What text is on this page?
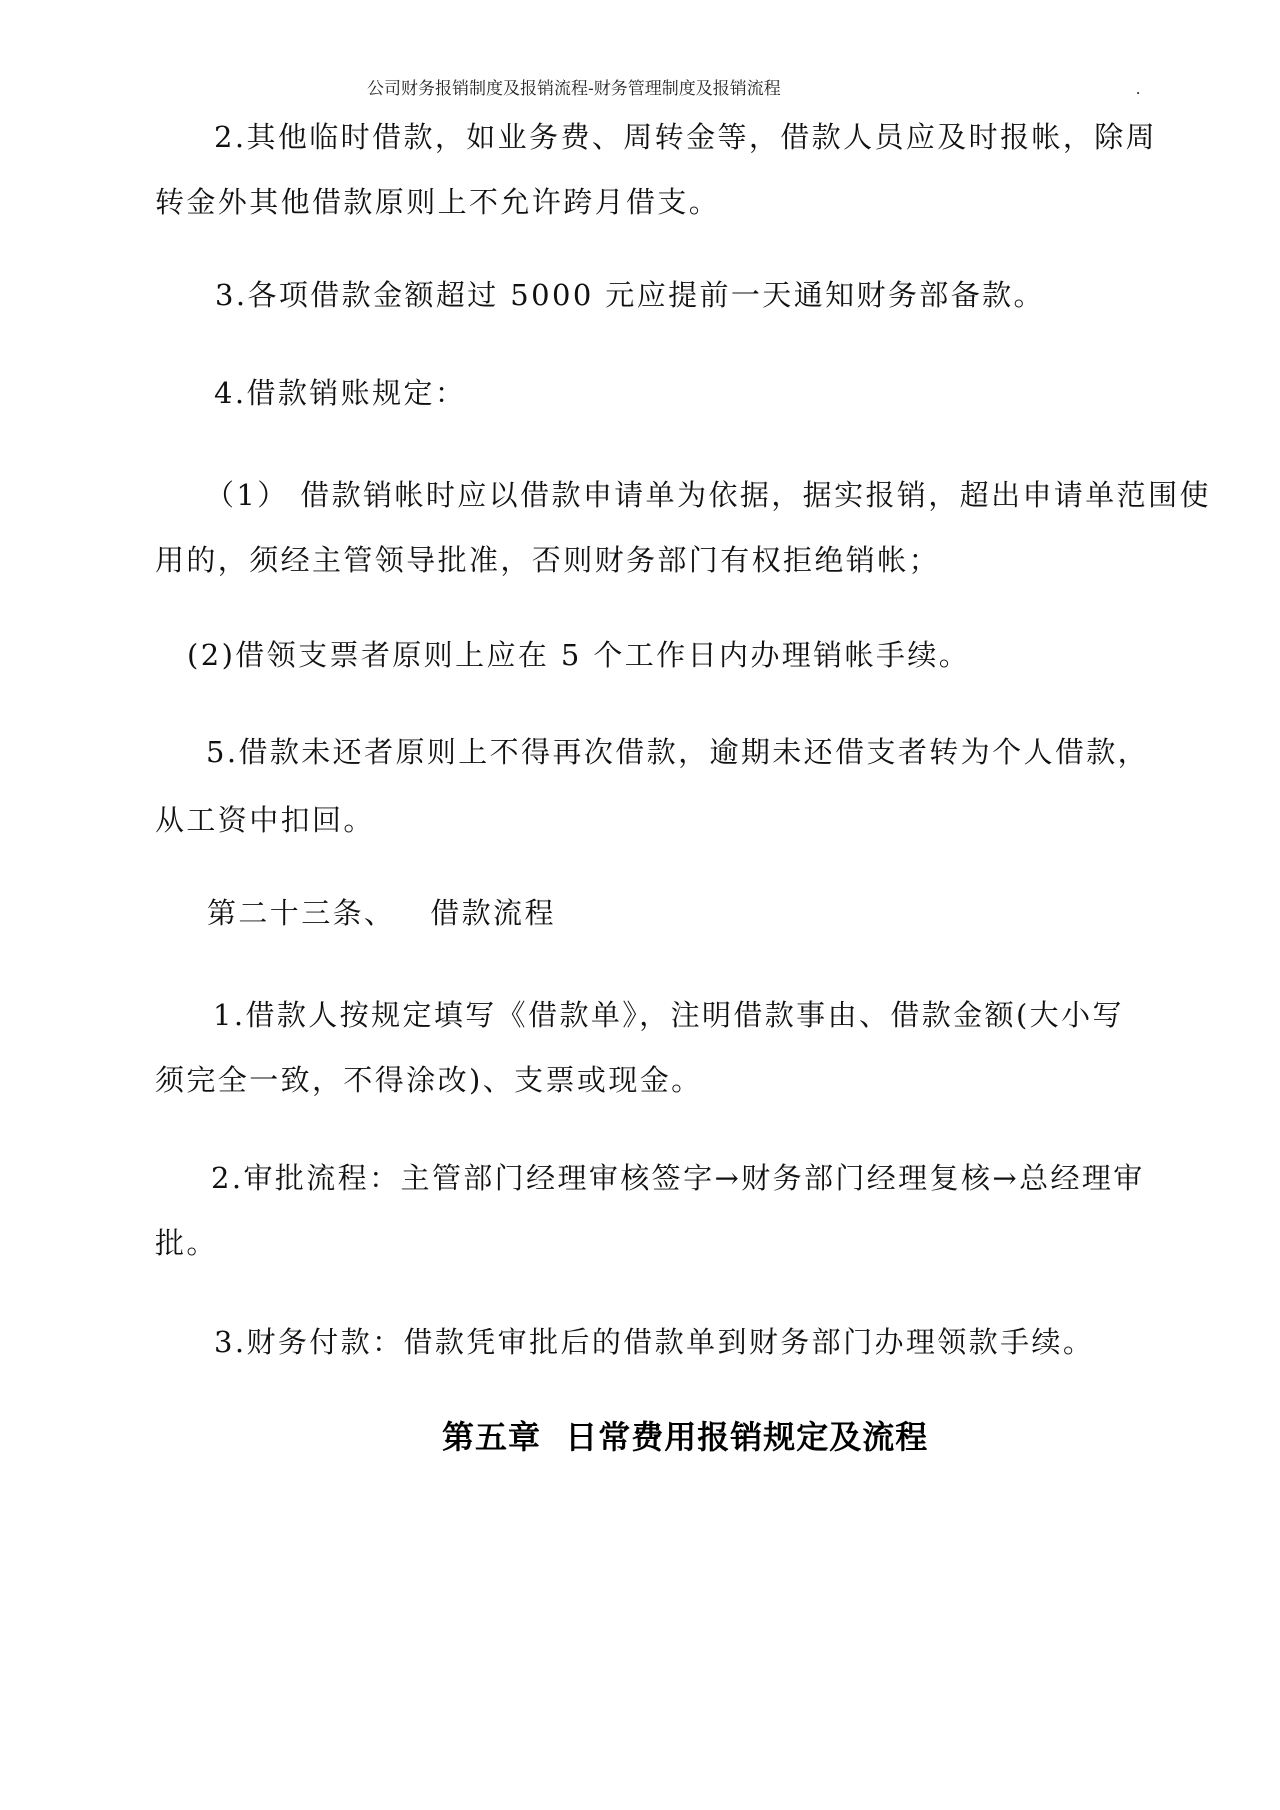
公司财务报销制度及报销流程-财务管理制度及报销流程	.
2.其他临时借款，如业务费、周转金等，借款人员应及时报帐，除周
转金外其他借款原则上不允许跨月借支。
3.各项借款金额超过 5000 元应提前一天通知财务部备款。
4.借款销账规定：
（1） 借款销帐时应以借款申请单为依据，据实报销，超出申请单范围使
用的，须经主管领导批准，否则财务部门有权拒绝销帐；
(2)借领支票者原则上应在 5 个工作日内办理销帐手续。
5.借款未还者原则上不得再次借款，逾期未还借支者转为个人借款，
从工资中扣回。
第二十三条、   借款流程
1.借款人按规定填写《借款单》，注明借款事由、借款金额(大小写
须完全一致，不得涂改)、支票或现金。
2.审批流程：主管部门经理审核签字→财务部门经理复核→总经理审
批。
3.财务付款：借款凭审批后的借款单到财务部门办理领款手续。
第五章  日常费用报销规定及流程
